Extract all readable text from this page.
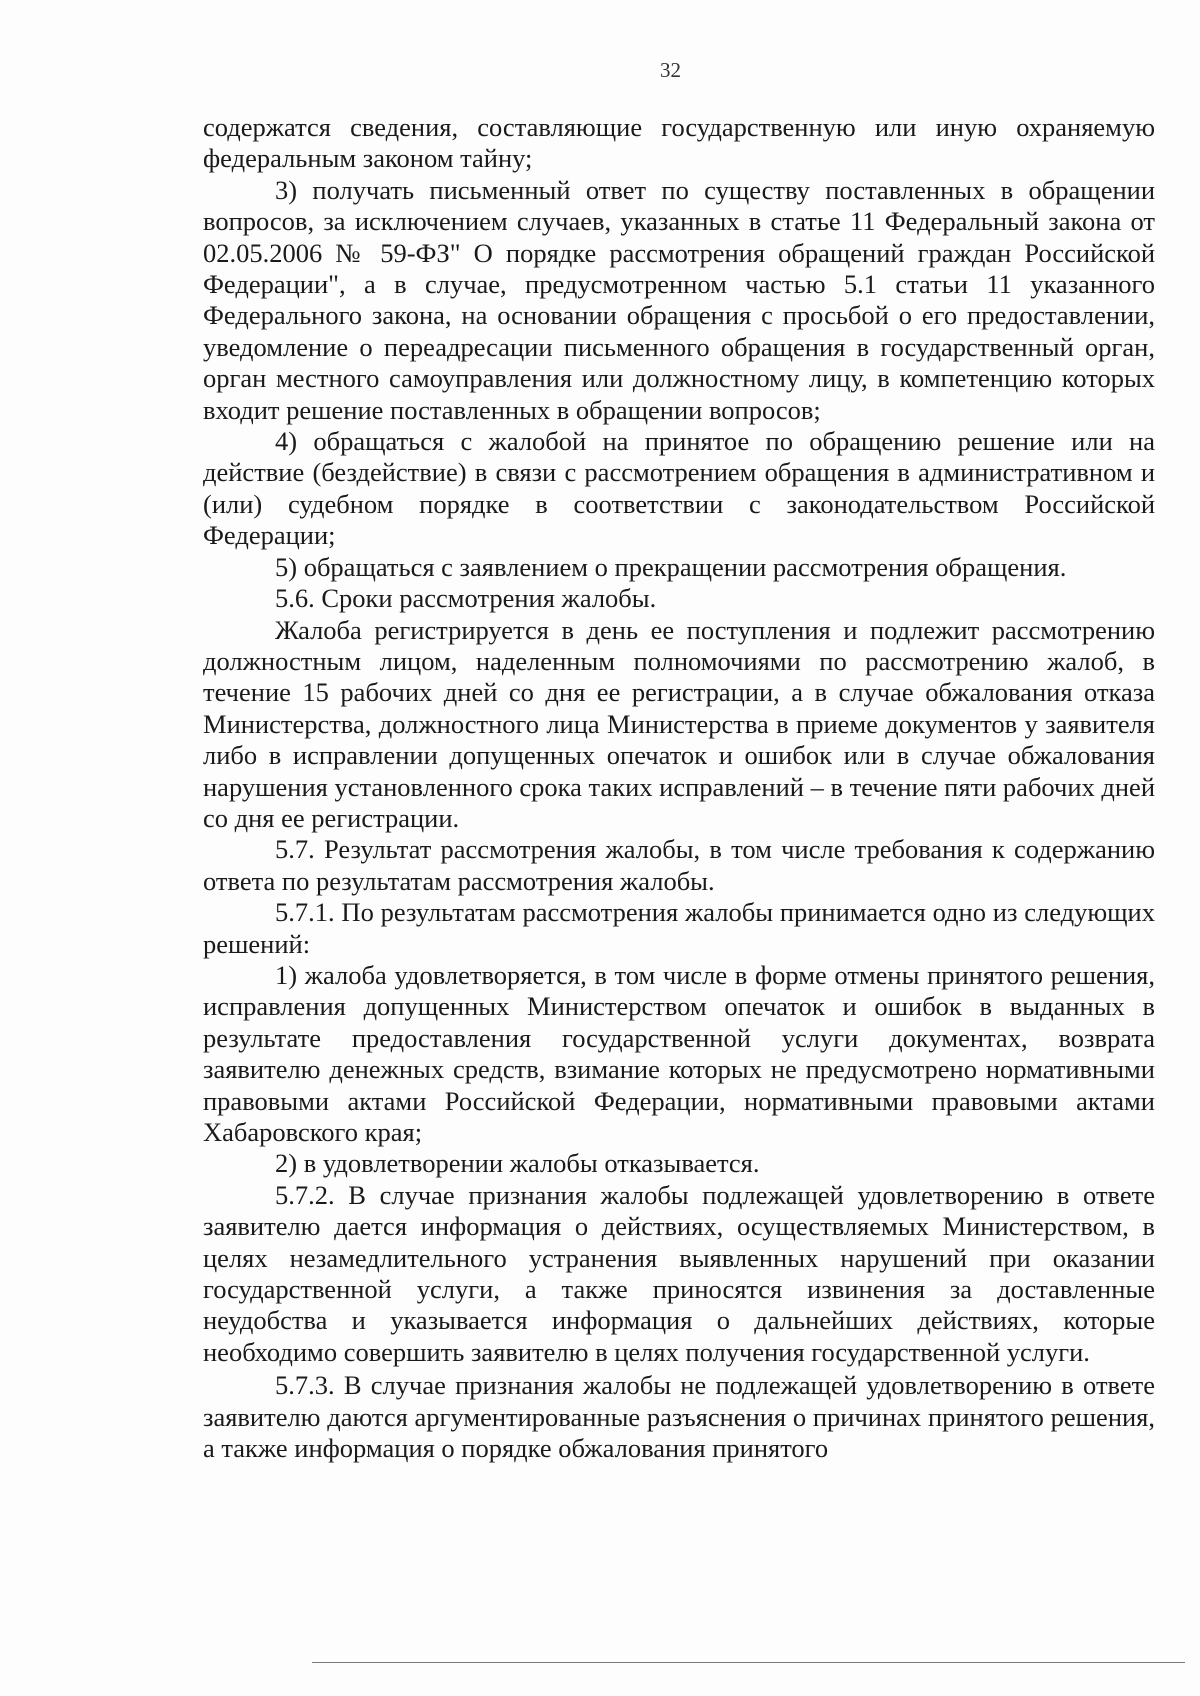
32

содержатся сведения, составляющие государственную или иную охраняемую федеральным законом тайну;

3) получать письменный ответ по существу поставленных в обращении вопросов, за исключением случаев, указанных в статье 11 Федеральный закона от 02.05.2006 № 59-ФЗ" О порядке рассмотрения обращений граждан Российской Федерации", а в случае, предусмотренном частью 5.1 статьи 11 указанного Федерального закона, на основании обращения с просьбой о его предоставлении, уведомление о переадресации письменного обращения в государственный орган, орган местного самоуправления или должностному лицу, в компетенцию которых входит решение поставленных в обращении вопросов;

4) обращаться с жалобой на принятое по обращению решение или на действие (бездействие) в связи с рассмотрением обращения в административном и (или) судебном порядке в соответствии с законодательством Российской Федерации;

5) обращаться с заявлением о прекращении рассмотрения обращения.

5.6. Сроки рассмотрения жалобы.

Жалоба регистрируется в день ее поступления и подлежит рассмотрению должностным лицом, наделенным полномочиями по рассмотрению жалоб, в течение 15 рабочих дней со дня ее регистрации, а в случае обжалования отказа Министерства, должностного лица Министерства в приеме документов у заявителя либо в исправлении допущенных опечаток и ошибок или в случае обжалования нарушения установленного срока таких исправлений – в течение пяти рабочих дней со дня ее регистрации.

5.7. Результат рассмотрения жалобы, в том числе требования к содержанию ответа по результатам рассмотрения жалобы.

5.7.1. По результатам рассмотрения жалобы принимается одно из следующих решений:

1) жалоба удовлетворяется, в том числе в форме отмены принятого решения, исправления допущенных Министерством опечаток и ошибок в выданных в результате предоставления государственной услуги документах, возврата заявителю денежных средств, взимание которых не предусмотрено нормативными правовыми актами Российской Федерации, нормативными правовыми актами Хабаровского края;

2) в удовлетворении жалобы отказывается.

5.7.2. В случае признания жалобы подлежащей удовлетворению в ответе заявителю дается информация о действиях, осуществляемых Министерством, в целях незамедлительного устранения выявленных нарушений при оказании государственной услуги, а также приносятся извинения за доставленные неудобства и указывается информация о дальнейших действиях, которые необходимо совершить заявителю в целях получения государственной услуги.

5.7.3. В случае признания жалобы не подлежащей удовлетворению в ответе заявителю даются аргументированные разъяснения о причинах принятого решения, а также информация о порядке обжалования принятого
